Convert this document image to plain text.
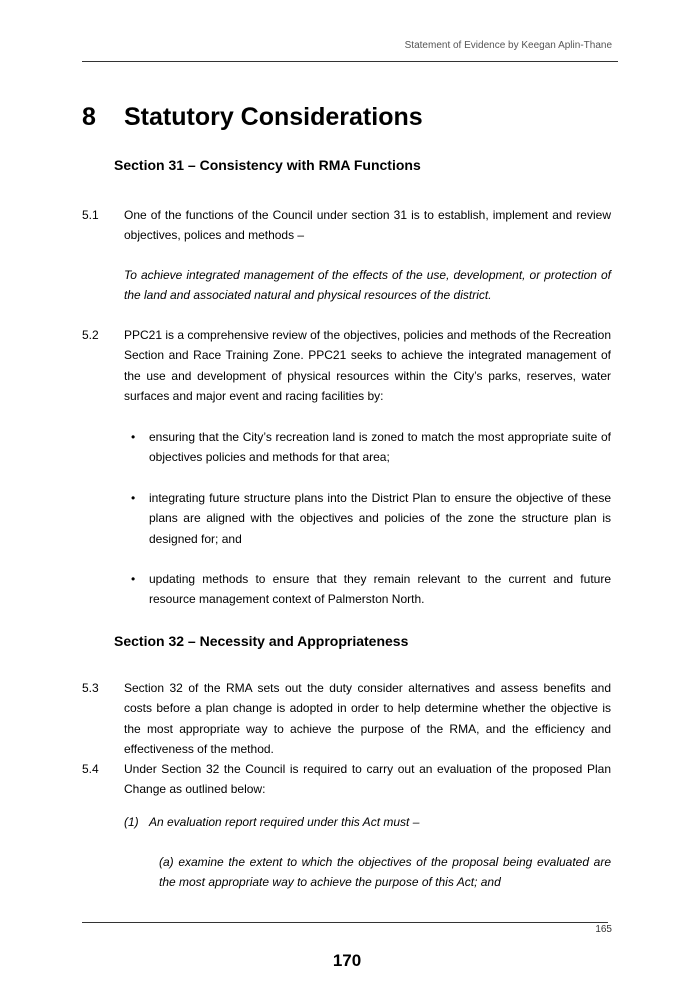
Statement of Evidence by Keegan Aplin-Thane
8 Statutory Considerations
Section 31 – Consistency with RMA Functions
5.1 One of the functions of the Council under section 31 is to establish, implement and review objectives, polices and methods –
To achieve integrated management of the effects of the use, development, or protection of the land and associated natural and physical resources of the district.
5.2 PPC21 is a comprehensive review of the objectives, policies and methods of the Recreation Section and Race Training Zone. PPC21 seeks to achieve the integrated management of the use and development of physical resources within the City’s parks, reserves, water surfaces and major event and racing facilities by:
• ensuring that the City’s recreation land is zoned to match the most appropriate suite of objectives policies and methods for that area;
• integrating future structure plans into the District Plan to ensure the objective of these plans are aligned with the objectives and policies of the zone the structure plan is designed for; and
• updating methods to ensure that they remain relevant to the current and future resource management context of Palmerston North.
Section 32 – Necessity and Appropriateness
5.3 Section 32 of the RMA sets out the duty consider alternatives and assess benefits and costs before a plan change is adopted in order to help determine whether the objective is the most appropriate way to achieve the purpose of the RMA, and the efficiency and effectiveness of the method.
5.4 Under Section 32 the Council is required to carry out an evaluation of the proposed Plan Change as outlined below:
(1) An evaluation report required under this Act must –
(a) examine the extent to which the objectives of the proposal being evaluated are the most appropriate way to achieve the purpose of this Act; and
165
170
